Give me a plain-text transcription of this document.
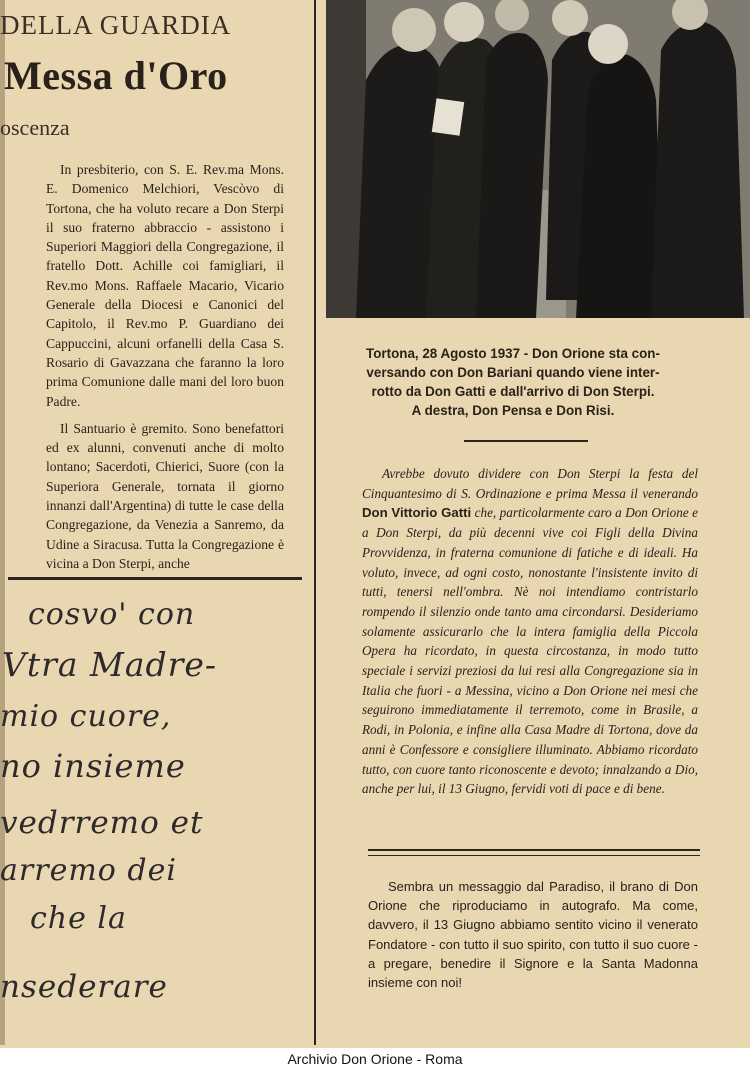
DELLA GUARDIA
Messa d'Oro
oscenza

In presbiterio, con S. E. Rev.ma Mons. E. Domenico Melchiori, Vescòvo di Tortona, che ha voluto recare a Don Sterpi il suo fraterno abbraccio - assistono i Superiori Maggiori della Congregazione, il fratello Dott. Achille coi famigliari, il Rev.mo Mons. Raffaele Macario, Vicario Generale della Diocesi e Canonici del Capitolo, il Rev.mo P. Guardiano dei Cappuccini, alcuni orfanelli della Casa S. Rosario di Gavazzana che faranno la loro prima Comunione dalle mani del loro buon Padre.

Il Santuario è gremito. Sono benefattori ed ex alunni, convenuti anche di molto lontano; Sacerdoti, Chierici, Suore (con la Superiora Generale, tornata il giorno innanzi dall'Argentina) di tutte le case della Congregazione, da Venezia a Sanremo, da Udine a Siracusa. Tutta la Congregazione è vicina a Don Sterpi, anche

cosvo' con
Vtra Madre-
mio cuore,
no insieme
vedrremo et
arremo dei
che la
nsederare
Tortona, 28 Agosto 1937 - Don Orione sta con-
versando con Don Bariani quando viene inter-
rotto da Don Gatti e dall'arrivo di Don Sterpi.
A destra, Don Pensa e Don Risi.

Avrebbe dovuto dividere con Don Sterpi la festa del Cinquantesimo di S. Ordinazione e prima Messa il venerando Don Vittorio Gatti che, particolarmente caro a Don Orione e a Don Sterpi, da più decenni vive coi Figli della Divina Provvidenza, in fraterna comunione di fatiche e di ideali. Ha voluto, invece, ad ogni costo, nonostante l'insistente invito di tutti, tenersi nell'ombra. Nè noi intendiamo contristarlo rompendo il silenzio onde tanto ama circondarsi. Desideriamo solamente assicurarlo che la intera famiglia della Piccola Opera ha ricordato, in questa circostanza, in modo tutto speciale i servizi preziosi da lui resi alla Congregazione sia in Italia che fuori - a Messina, vicino a Don Orione nei mesi che seguirono immediatamente il terremoto, come in Brasile, a Rodi, in Polonia, e infine alla Casa Madre di Tortona, dove da anni è Confessore e consigliere illuminato. Abbiamo ricordato tutto, con cuore tanto riconoscente e devoto; innalzando a Dio, anche per lui, il 13 Giugno, fervidi voti di pace e di bene.

Sembra un messaggio dal Paradiso, il brano di Don Orione che riproduciamo in autografo. Ma come, davvero, il 13 Giugno abbiamo sentito vicino il venerato Fondatore - con tutto il suo spirito, con tutto il suo cuore - a pregare, benedire il Signore e la Santa Madonna insieme con noi!

Archivio Don Orione - Roma
